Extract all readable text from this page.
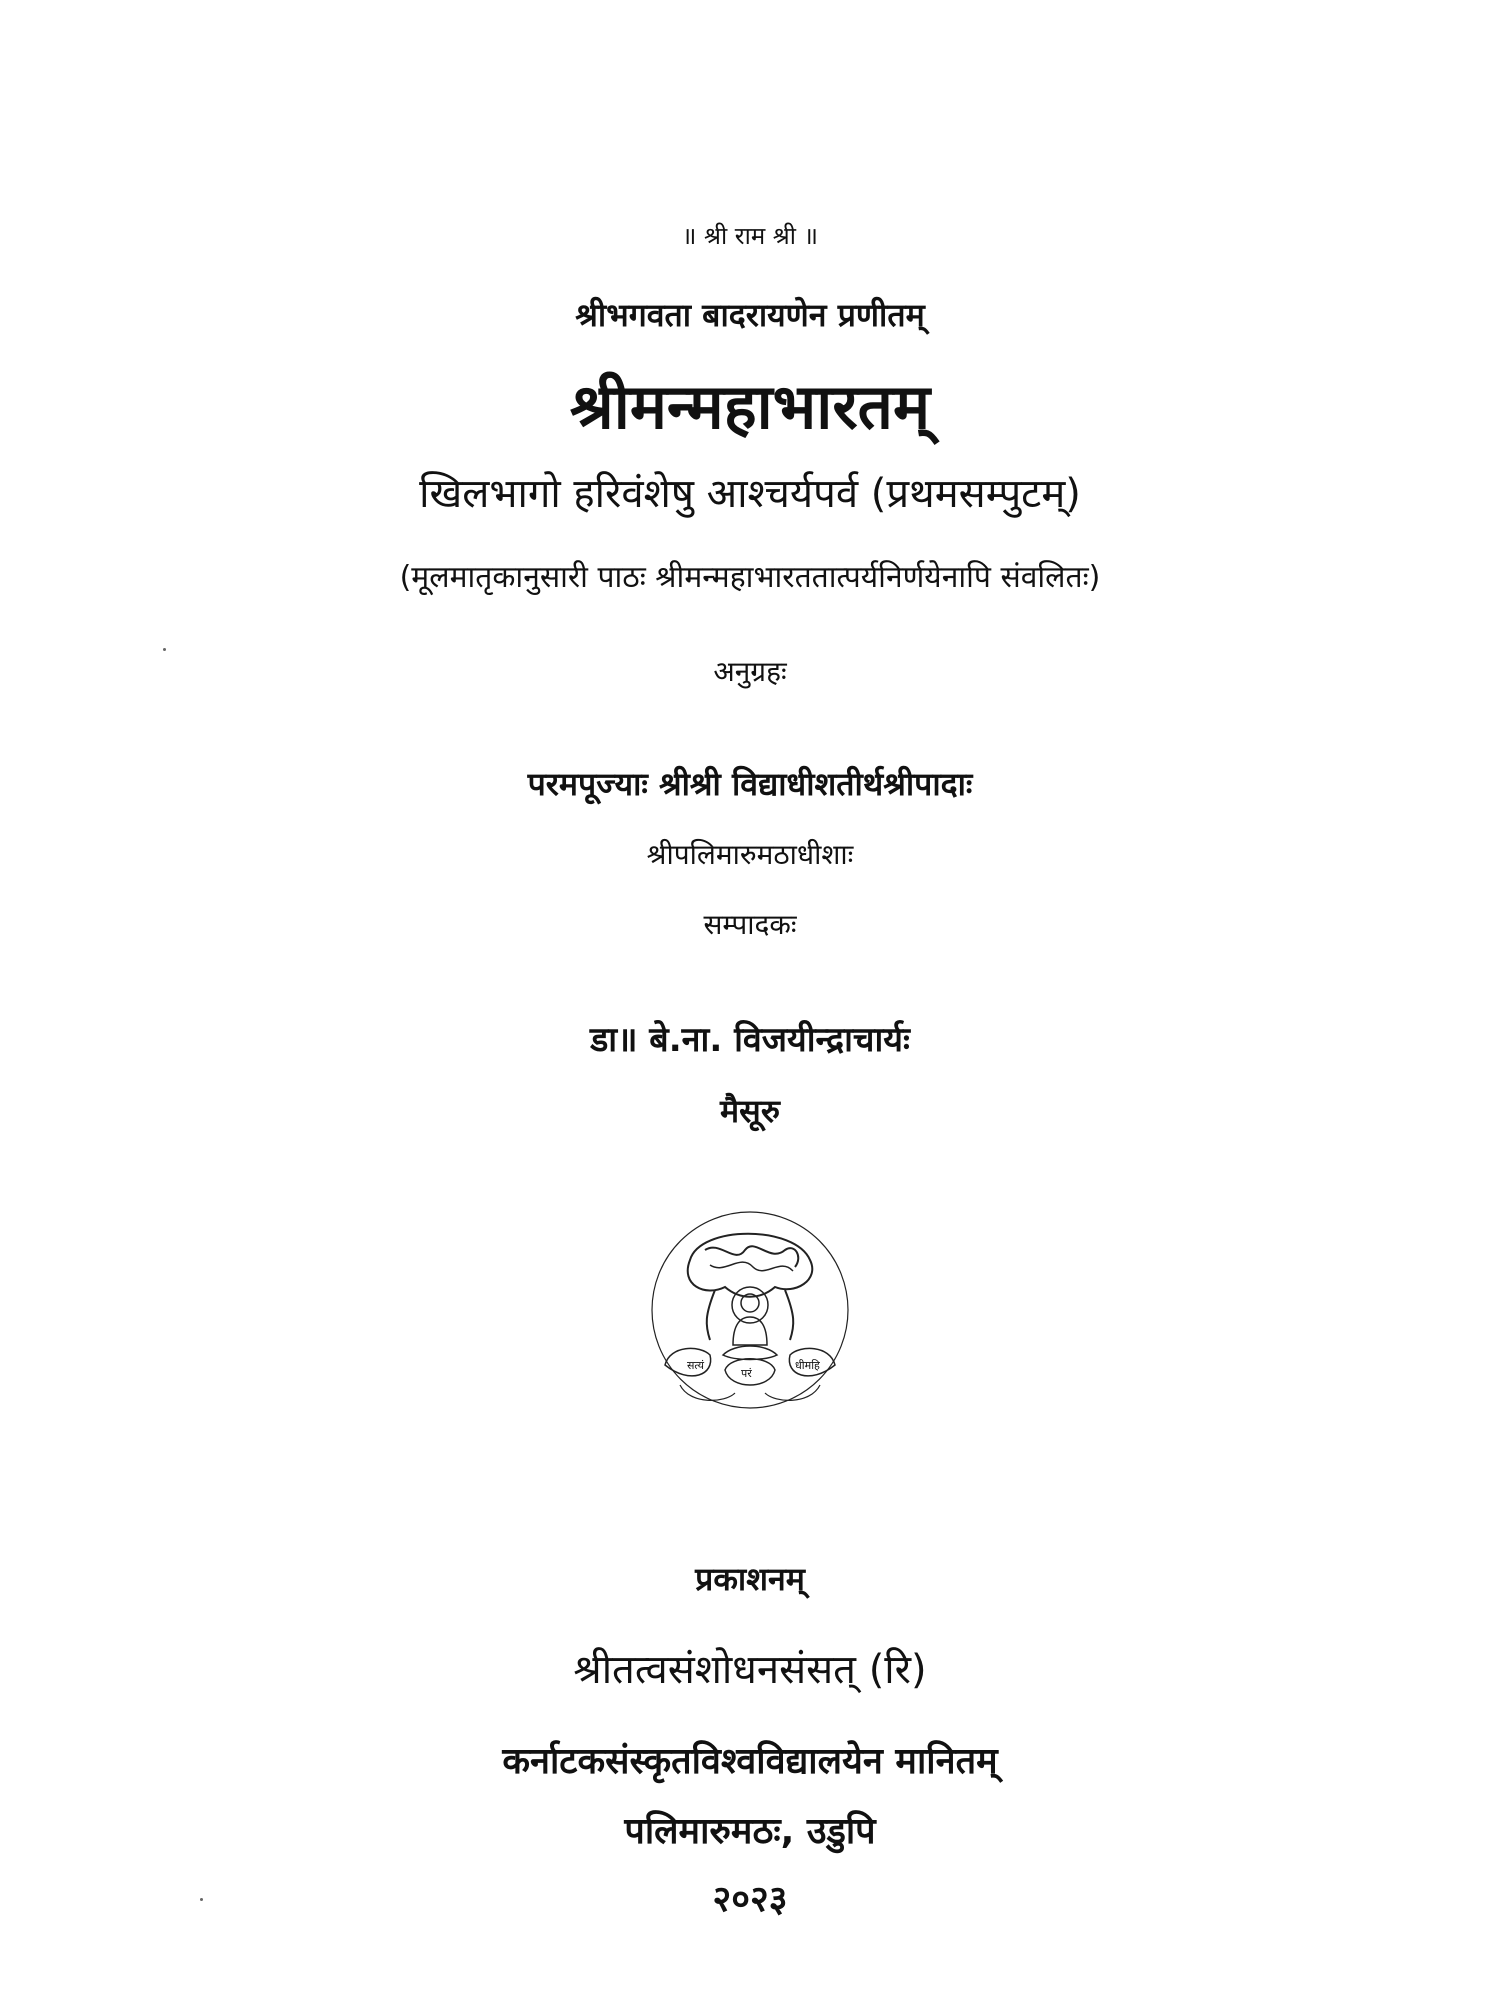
॥ श्री राम श्री ॥
श्रीभगवता बादरायणेन प्रणीतम्
श्रीमन्महाभारतम्
खिलभागो हरिवंशेषु आश्चर्यपर्व (प्रथमसम्पुटम्)
(मूलमातृकानुसारी पाठः श्रीमन्महाभारततात्पर्यनिर्णयेनापि संवलितः)
अनुग्रहः
परमपूज्याः श्रीश्री विद्याधीशतीर्थश्रीपादाः
श्रीपलिमारुमठाधीशाः
सम्पादकः
डा॥ बे.ना. विजयीन्द्राचार्यः
मैसूरु
सत्यं
परं
धीमहि
प्रकाशनम्
श्रीतत्वसंशोधनसंसत् (रि)
कर्नाटकसंस्कृतविश्वविद्यालयेन मानितम्
पलिमारुमठः, उडुपि
२०२३
